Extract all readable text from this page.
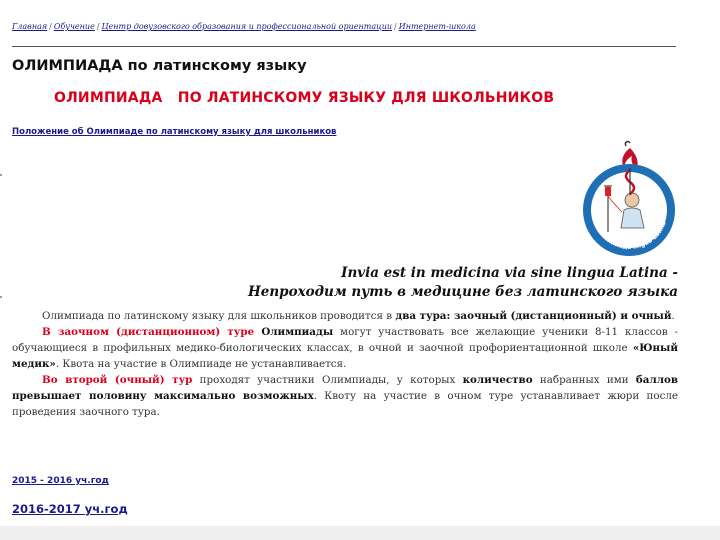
Главная / Обучение / Центр довузовского образования и профессиональной ориентации / Интернет-школа
ОЛИМПИАДА по латинскому языку
ОЛИМПИАДА   ПО ЛАТИНСКОМУ ЯЗЫКУ ДЛЯ ШКОЛЬНИКОВ
Положение об Олимпиаде по латинскому языку для школьников
Олимпиада lingua Latina
Invia est in medicina via sine lingua Latina -
Непроходим путь в медицине без латинского языка

Олимпиада по латинскому языку для школьников проводится в два тура: заочный (дистанционный) и очный.

В заочном (дистанционном) туре Олимпиады могут участвовать все желающие ученики 8-11 классов - обучающиеся в профильных медико-биологических классах, в очной и заочной профориентационной школе «Юный медик». Квота на участие в Олимпиаде не устанавливается.

Во второй (очный) тур проходят участники Олимпиады, у которых количество набранных ими баллов превышает половину максимально возможных. Квоту на участие в очном туре устанавливает жюри после проведения заочного тура.

2015 - 2016 уч.год
2016-2017 уч.год
